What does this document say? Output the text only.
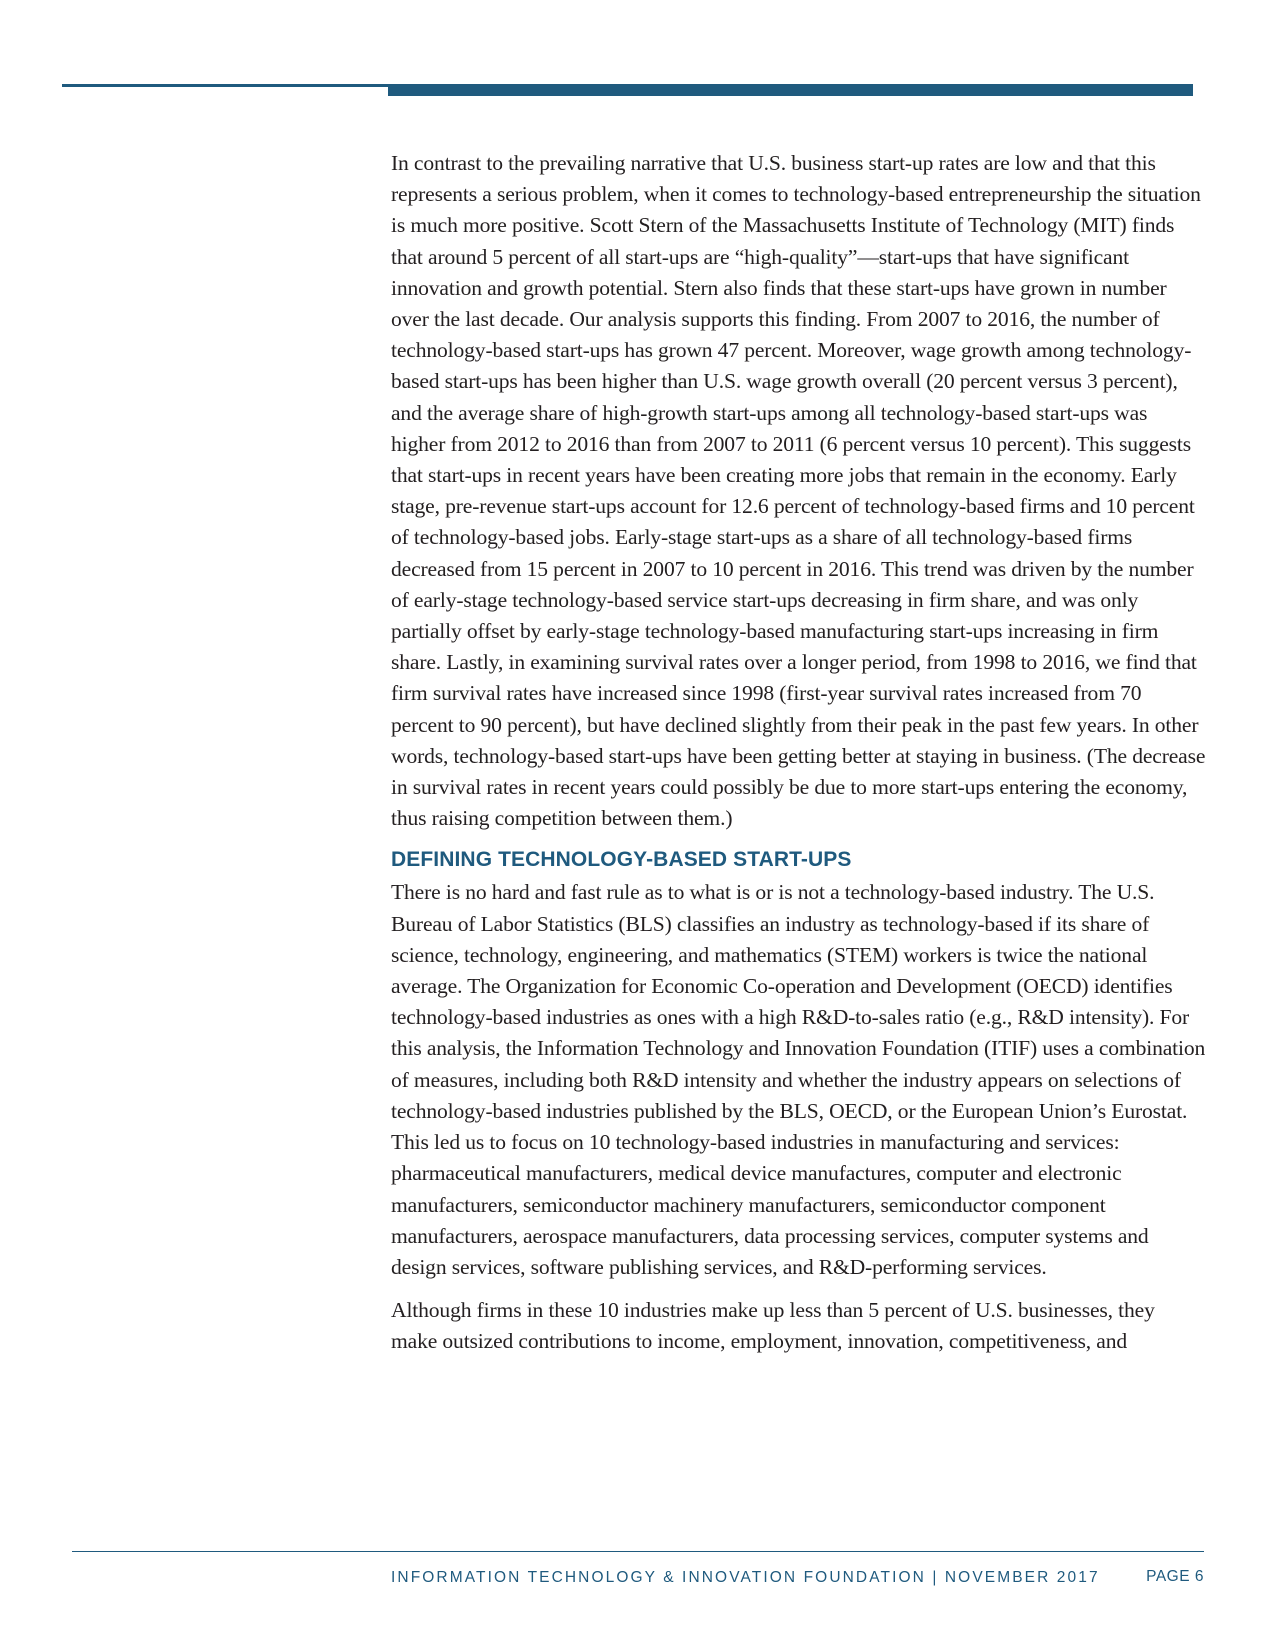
In contrast to the prevailing narrative that U.S. business start-up rates are low and that this represents a serious problem, when it comes to technology-based entrepreneurship the situation is much more positive. Scott Stern of the Massachusetts Institute of Technology (MIT) finds that around 5 percent of all start-ups are “high-quality”—start-ups that have significant innovation and growth potential. Stern also finds that these start-ups have grown in number over the last decade. Our analysis supports this finding. From 2007 to 2016, the number of technology-based start-ups has grown 47 percent. Moreover, wage growth among technology-based start-ups has been higher than U.S. wage growth overall (20 percent versus 3 percent), and the average share of high-growth start-ups among all technology-based start-ups was higher from 2012 to 2016 than from 2007 to 2011 (6 percent versus 10 percent). This suggests that start-ups in recent years have been creating more jobs that remain in the economy. Early stage, pre-revenue start-ups account for 12.6 percent of technology-based firms and 10 percent of technology-based jobs. Early-stage start-ups as a share of all technology-based firms decreased from 15 percent in 2007 to 10 percent in 2016. This trend was driven by the number of early-stage technology-based service start-ups decreasing in firm share, and was only partially offset by early-stage technology-based manufacturing start-ups increasing in firm share. Lastly, in examining survival rates over a longer period, from 1998 to 2016, we find that firm survival rates have increased since 1998 (first-year survival rates increased from 70 percent to 90 percent), but have declined slightly from their peak in the past few years. In other words, technology-based start-ups have been getting better at staying in business. (The decrease in survival rates in recent years could possibly be due to more start-ups entering the economy, thus raising competition between them.)

DEFINING TECHNOLOGY-BASED START-UPS

There is no hard and fast rule as to what is or is not a technology-based industry. The U.S. Bureau of Labor Statistics (BLS) classifies an industry as technology-based if its share of science, technology, engineering, and mathematics (STEM) workers is twice the national average. The Organization for Economic Co-operation and Development (OECD) identifies technology-based industries as ones with a high R&D-to-sales ratio (e.g., R&D intensity). For this analysis, the Information Technology and Innovation Foundation (ITIF) uses a combination of measures, including both R&D intensity and whether the industry appears on selections of technology-based industries published by the BLS, OECD, or the European Union’s Eurostat. This led us to focus on 10 technology-based industries in manufacturing and services: pharmaceutical manufacturers, medical device manufactures, computer and electronic manufacturers, semiconductor machinery manufacturers, semiconductor component manufacturers, aerospace manufacturers, data processing services, computer systems and design services, software publishing services, and R&D-performing services.

Although firms in these 10 industries make up less than 5 percent of U.S. businesses, they make outsized contributions to income, employment, innovation, competitiveness, and

INFORMATION TECHNOLOGY & INNOVATION FOUNDATION | NOVEMBER 2017	PAGE 6
